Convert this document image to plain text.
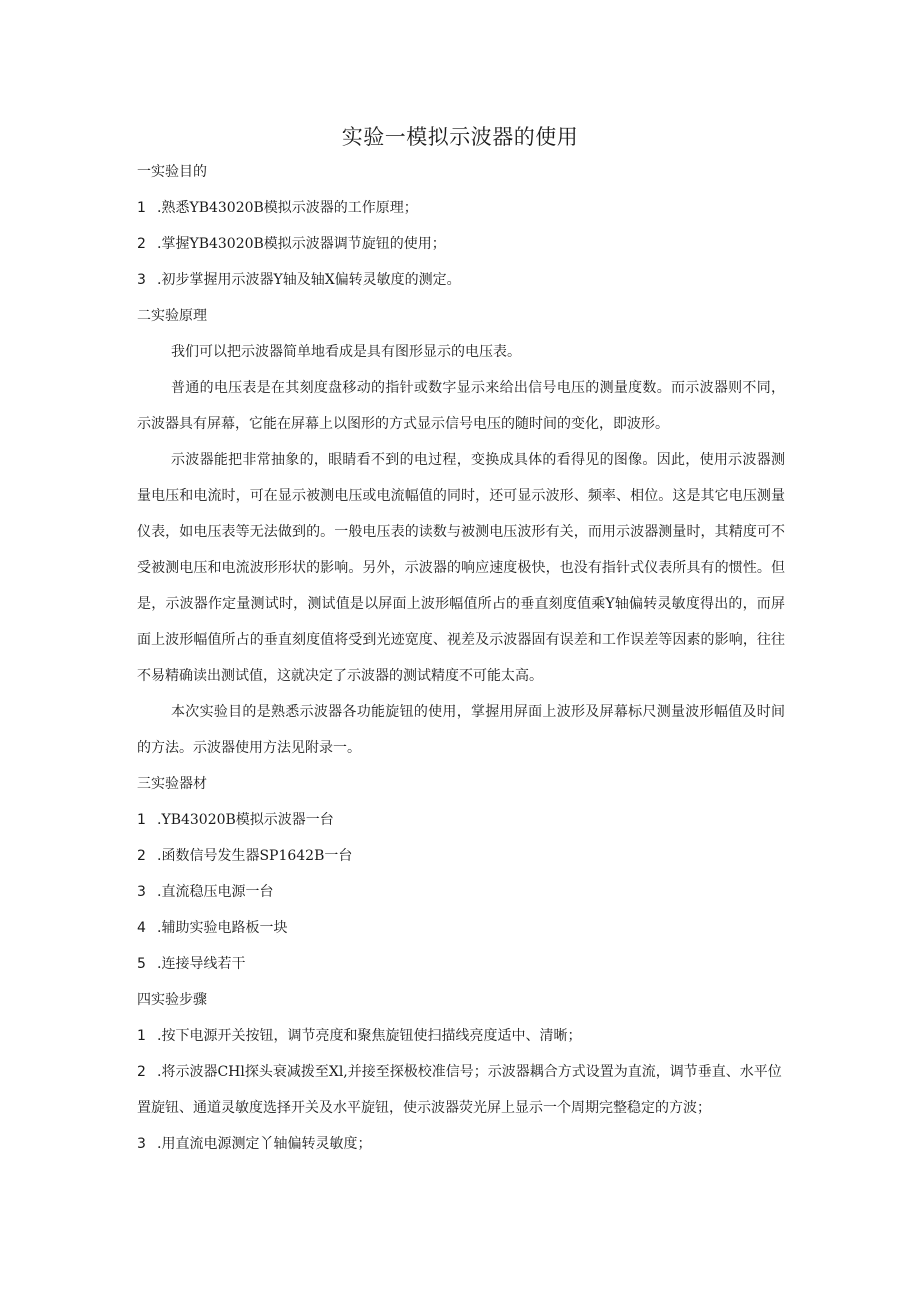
实验一模拟示波器的使用
一实验目的
1 .熟悉YB43020B模拟示波器的工作原理；
2 .掌握YB43020B模拟示波器调节旋钮的使用；
3 .初步掌握用示波器Y轴及轴X偏转灵敏度的测定。
二实验原理

我们可以把示波器简单地看成是具有图形显示的电压表。

普通的电压表是在其刻度盘移动的指针或数字显示来给出信号电压的测量度数。而示波器则不同，示波器具有屏幕，它能在屏幕上以图形的方式显示信号电压的随时间的变化，即波形。

示波器能把非常抽象的，眼睛看不到的电过程，变换成具体的看得见的图像。因此，使用示波器测量电压和电流时，可在显示被测电压或电流幅值的同时，还可显示波形、频率、相位。这是其它电压测量仪表，如电压表等无法做到的。一般电压表的读数与被测电压波形有关，而用示波器测量时，其精度可不受被测电压和电流波形形状的影响。另外，示波器的响应速度极快，也没有指针式仪表所具有的惯性。但是，示波器作定量测试时，测试值是以屏面上波形幅值所占的垂直刻度值乘Y轴偏转灵敏度得出的，而屏面上波形幅值所占的垂直刻度值将受到光迹宽度、视差及示波器固有误差和工作误差等因素的影响，往往不易精确读出测试值，这就决定了示波器的测试精度不可能太高。

本次实验目的是熟悉示波器各功能旋钮的使用，掌握用屏面上波形及屏幕标尺测量波形幅值及时间的方法。示波器使用方法见附录一。

三实验器材
1 .YB43020B模拟示波器一台
2 .函数信号发生器SP1642B一台
3 .直流稳压电源一台
4 .辅助实验电路板一块
5 .连接导线若干
四实验步骤
1 .按下电源开关按钮，调节亮度和聚焦旋钮使扫描线亮度适中、清晰；
2 .将示波器CHl探头衰减拨至Xl,并接至探极校准信号；示波器耦合方式设置为直流，调节垂直、水平位置旋钮、通道灵敏度选择开关及水平旋钮，使示波器荧光屏上显示一个周期完整稳定的方波；
3 .用直流电源测定丫轴偏转灵敏度；
